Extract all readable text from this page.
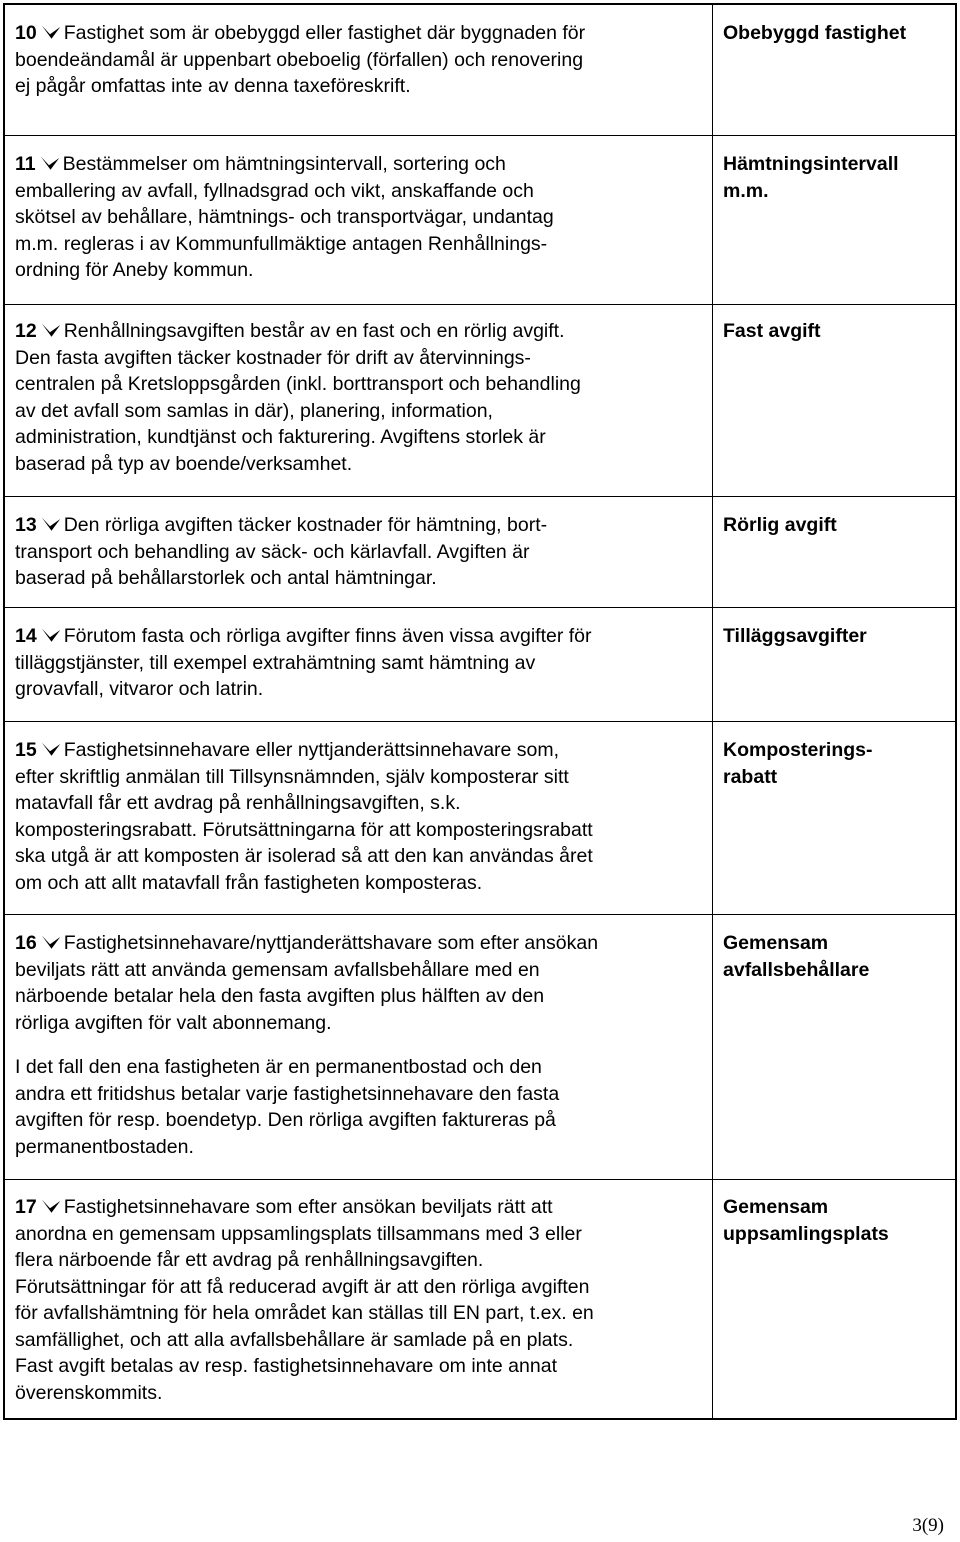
10 Fastighet som är obebyggd eller fastighet där byggnaden för
boendeändamål är uppenbart obeboelig (förfallen) och renovering
ej pågår omfattas inte av denna taxeföreskrift.
Obebyggd fastighet
11 Bestämmelser om hämtningsintervall, sortering och
emballering av avfall, fyllnadsgrad och vikt, anskaffande och
skötsel av behållare, hämtnings- och transportvägar, undantag
m.m. regleras i av Kommunfullmäktige antagen Renhållnings-
ordning för Aneby kommun.
Hämtningsintervall
m.m.
12 Renhållningsavgiften består av en fast och en rörlig avgift.
Den fasta avgiften täcker kostnader för drift av återvinnings-
centralen på Kretsloppsgården (inkl. borttransport och behandling
av det avfall som samlas in där), planering, information,
administration, kundtjänst och fakturering. Avgiftens storlek är
baserad på typ av boende/verksamhet.
Fast avgift
13 Den rörliga avgiften täcker kostnader för hämtning, bort-
transport och behandling av säck- och kärlavfall. Avgiften är
baserad på behållarstorlek och antal hämtningar.
Rörlig avgift
14 Förutom fasta och rörliga avgifter finns även vissa avgifter för
tilläggstjänster, till exempel extrahämtning samt hämtning av
grovavfall, vitvaror och latrin.
Tilläggsavgifter
15 Fastighetsinnehavare eller nyttjanderättsinnehavare som,
efter skriftlig anmälan till Tillsynsnämnden, själv komposterar sitt
matavfall får ett avdrag på renhållningsavgiften, s.k.
komposteringsrabatt. Förutsättningarna för att komposteringsrabatt
ska utgå är att komposten är isolerad så att den kan användas året
om och att allt matavfall från fastigheten komposteras.
Komposterings-
rabatt
16 Fastighetsinnehavare/nyttjanderättshavare som efter ansökan
beviljats rätt att använda gemensam avfallsbehållare med en
närboende betalar hela den fasta avgiften plus hälften av den
rörliga avgiften för valt abonnemang.
I det fall den ena fastigheten är en permanentbostad och den
andra ett fritidshus betalar varje fastighetsinnehavare den fasta
avgiften för resp. boendetyp. Den rörliga avgiften faktureras på
permanentbostaden.
Gemensam
avfallsbehållare
17 Fastighetsinnehavare som efter ansökan beviljats rätt att
anordna en gemensam uppsamlingsplats tillsammans med 3 eller
flera närboende får ett avdrag på renhållningsavgiften.
Förutsättningar för att få reducerad avgift är att den rörliga avgiften
för avfallshämtning för hela området kan ställas till EN part, t.ex. en
samfällighet, och att alla avfallsbehållare är samlade på en plats.
Fast avgift betalas av resp. fastighetsinnehavare om inte annat
överenskommits.
Gemensam
uppsamlingsplats
3(9)
